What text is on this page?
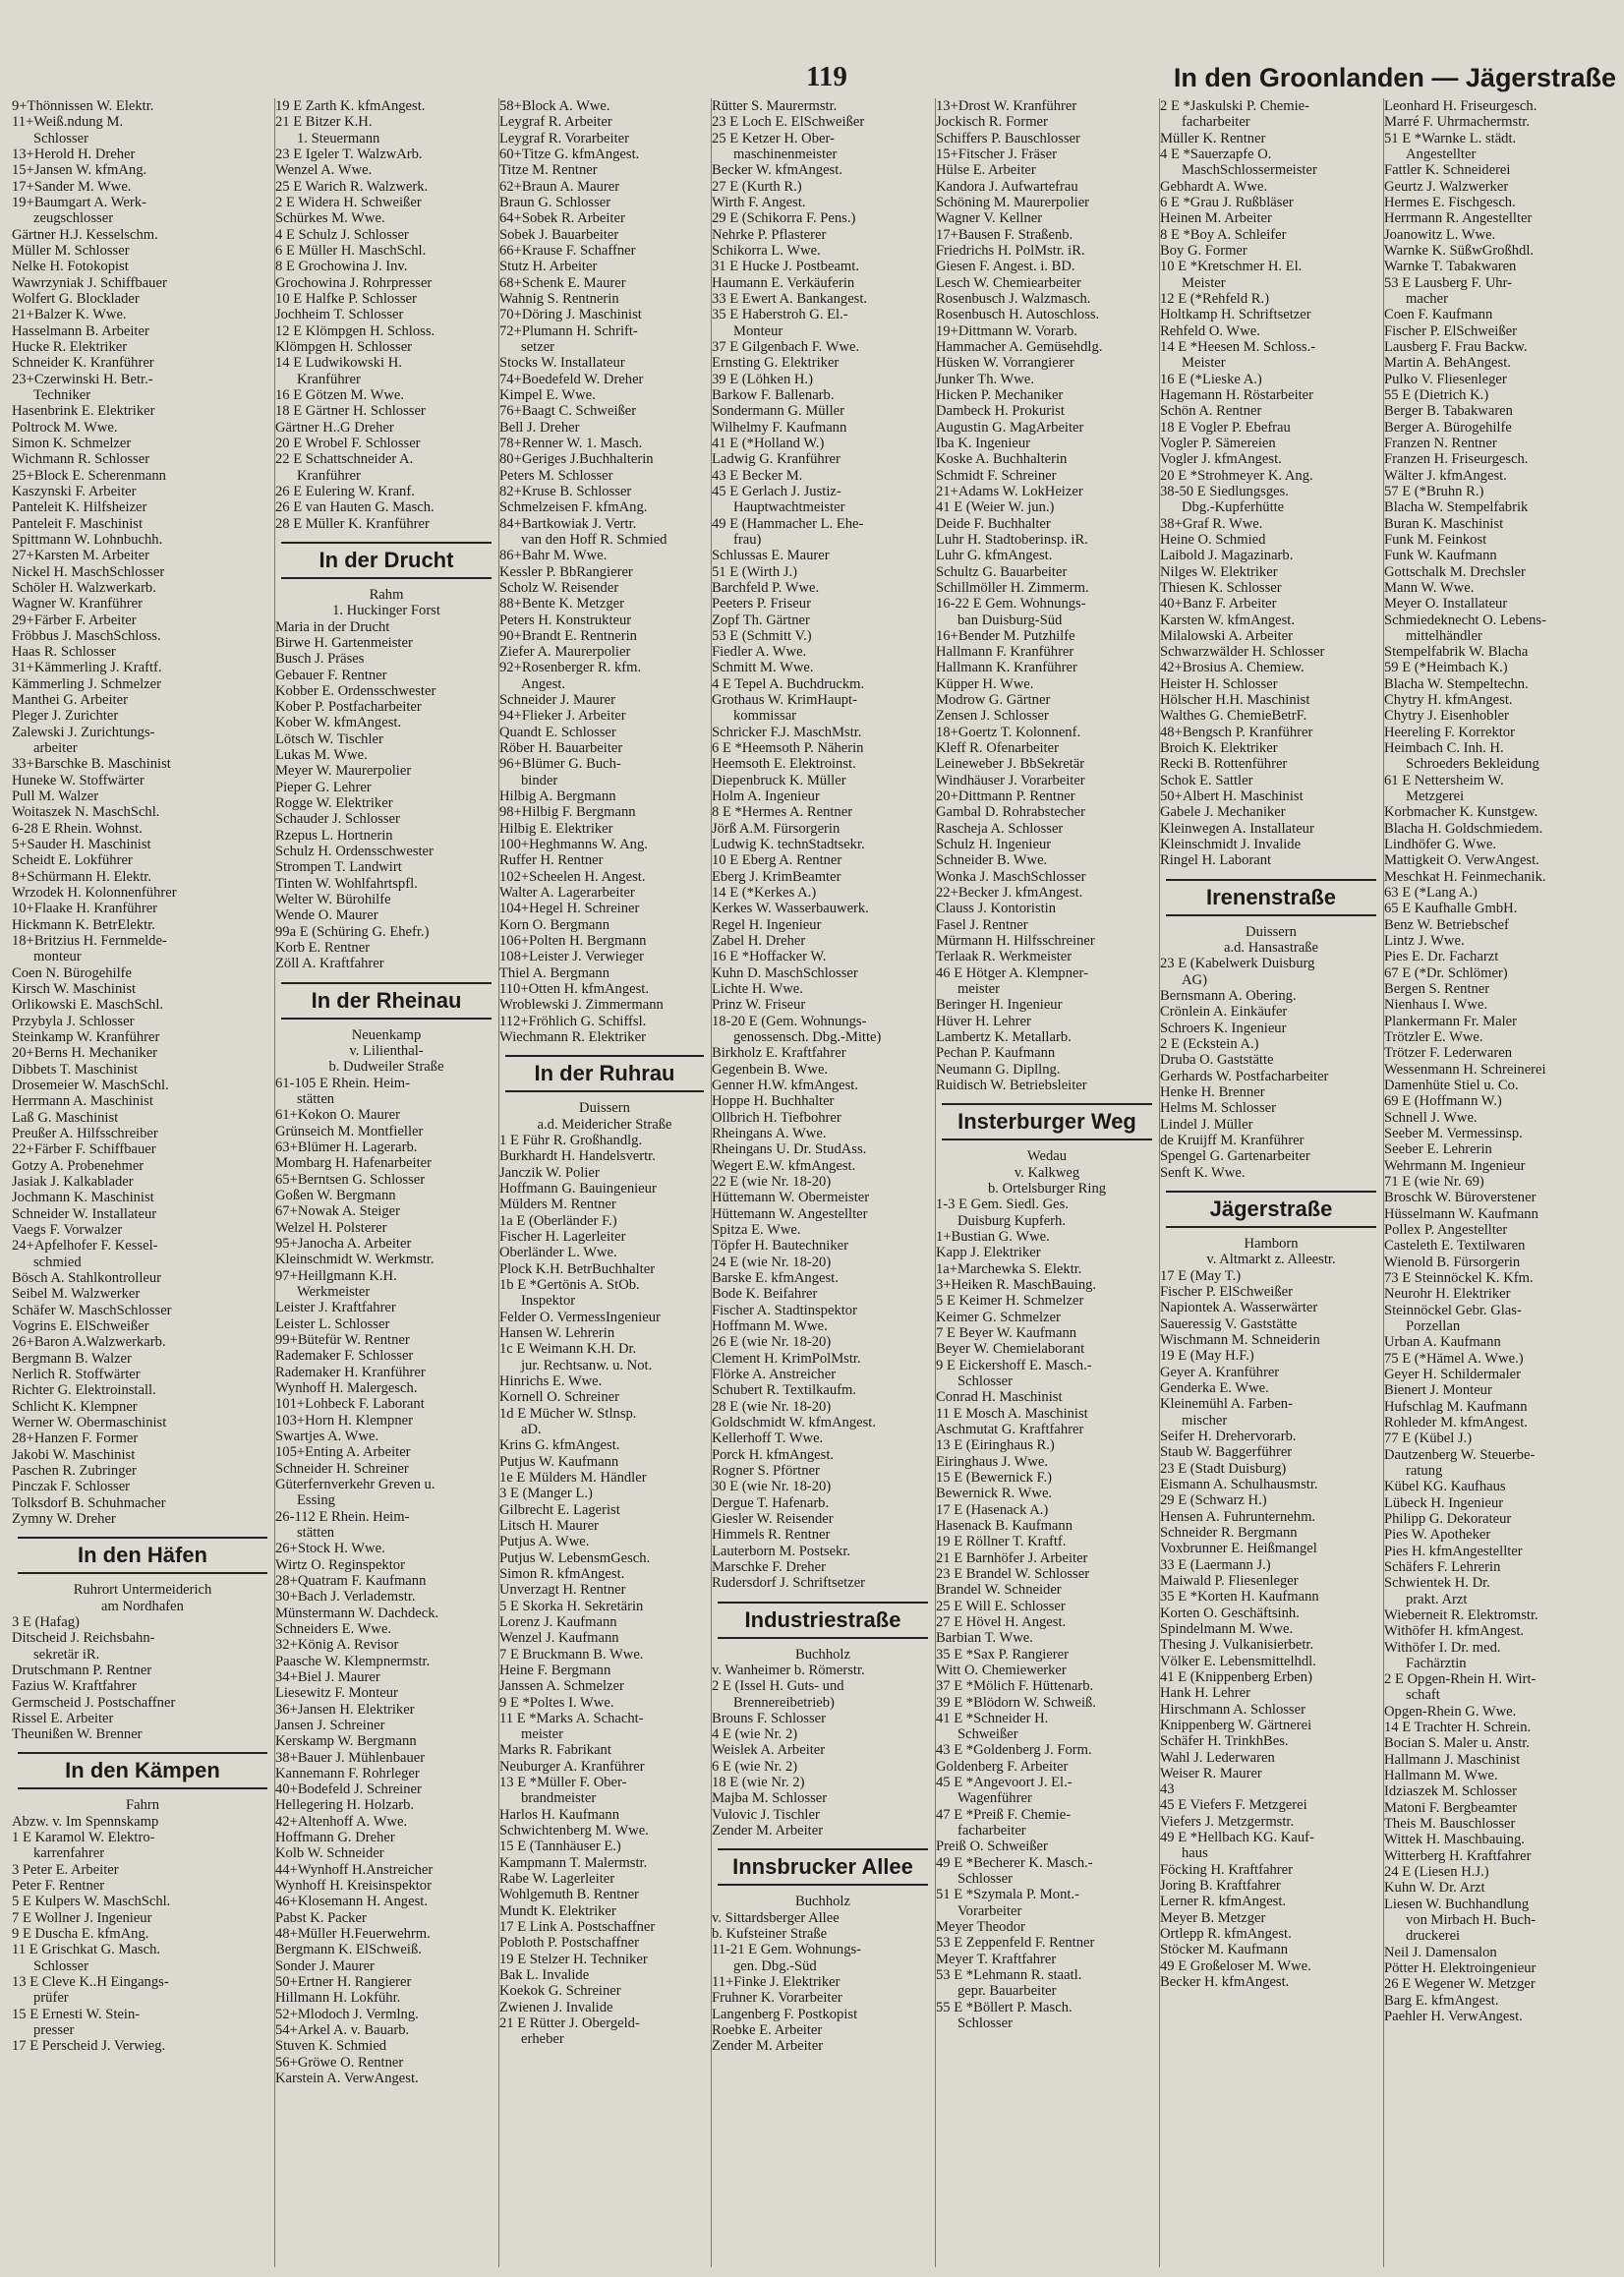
119	In den Groonlanden — Jägerstraße
9+Thönnissen W. Elektr.
11+Weiß.ndung M.
Schlosser
13+Herold H. Dreher
15+Jansen W. kfmAng.
17+Sander M. Wwe.
19+Baumgart A. Werk-
zeugschlosser
Gärtner H.J. Kesselschm.
Müller M. Schlosser
Nelke H. Fotokopist
Wawrzyniak J. Schiffbauer
Wolfert G. Blocklader
21+Balzer K. Wwe.
Hasselmann B. Arbeiter
Hucke R. Elektriker
Schneider K. Kranführer
23+Czerwinski H. Betr.-
Techniker
Hasenbrink E. Elektriker
Poltrock M. Wwe.
Simon K. Schmelzer
Wichmann R. Schlosser
25+Block E. Scherenmann
Kaszynski F. Arbeiter
Panteleit K. Hilfsheizer
Panteleit F. Maschinist
Spittmann W. Lohnbuchh.
27+Karsten M. Arbeiter
Nickel H. MaschSchlosser
Schöler H. Walzwerkarb.
Wagner W. Kranführer
29+Färber F. Arbeiter
Fröbbus J. MaschSchloss.
Haas R. Schlosser
31+Kämmerling J. Kraftf.
Kämmerling J. Schmelzer
Manthei G. Arbeiter
Pleger J. Zurichter
Zalewski J. Zurichtungs-
arbeiter
33+Barschke B. Maschinist
Huneke W. Stoffwärter
Pull M. Walzer
Woitaszek N. MaschSchl.
6-28 E Rhein. Wohnst.
5+Sauder H. Maschinist
Scheidt E. Lokführer
8+Schürmann H. Elektr.
Wrzodek H. Kolonnenführer
10+Flaake H. Kranführer
Hickmann K. BetrElektr.
18+Britzius H. Fernmelde-
monteur
Coen N. Bürogehilfe
Kirsch W. Maschinist
Orlikowski E. MaschSchl.
Przybyla J. Schlosser
Steinkamp W. Kranführer
20+Berns H. Mechaniker
Dibbets T. Maschinist
Drosemeier W. MaschSchl.
Herrmann A. Maschinist
Laß G. Maschinist
Preußer A. Hilfsschreiber
22+Färber F. Schiffbauer
Gotzy A. Probenehmer
Jasiak J. Kalkablader
Jochmann K. Maschinist
Schneider W. Installateur
Vaegs F. Vorwalzer
24+Apfelhofer F. Kessel-
schmied
Bösch A. Stahlkontrolleur
Seibel M. Walzwerker
Schäfer W. MaschSchlosser
Vogrins E. ElSchweißer
26+Baron A.Walzwerkarb.
Bergmann B. Walzer
Nerlich R. Stoffwärter
Richter G. Elektroinstall.
Schlicht K. Klempner
Werner W. Obermaschinist
28+Hanzen F. Former
Jakobi W. Maschinist
Paschen R. Zubringer
Pinczak F. Schlosser
Tolksdorf B. Schuhmacher
Zymny W. Dreher
In den Häfen
Ruhrort Untermeiderich
am Nordhafen
3 E (Hafag)
Ditscheid J. Reichsbahn-
sekretär iR.
Drutschmann P. Rentner
Fazius W. Kraftfahrer
Germscheid J. Postschaffner
Rissel E. Arbeiter
Theunißen W. Brenner
In den Kämpen
Fahrn
Abzw. v. Im Spennskamp
1 E Karamol W. Elektro-
karrenfahrer
3 Peter E. Arbeiter
Peter F. Rentner
5 E Kulpers W. MaschSchl.
7 E Wollner J. Ingenieur
9 E Duscha E. kfmAng.
11 E Grischkat G. Masch.
Schlosser
13 E Cleve K..H Eingangs-
prüfer
15 E Ernesti W. Stein-
presser
17 E Perscheid J. Verwieg.
19 E Zarth K. kfmAngest.
21 E Bitzer K.H.
1. Steuermann
23 E Igeler T. WalzwArb.
Wenzel A. Wwe.
25 E Warich R. Walzwerk.
2 E Widera H. Schweißer
Schürkes M. Wwe.
4 E Schulz J. Schlosser
6 E Müller H. MaschSchl.
8 E Grochowina J. Inv.
Grochowina J. Rohrpresser
10 E Halfke P. Schlosser
Jochheim T. Schlosser
12 E Klömpgen H. Schloss.
Klömpgen H. Schlosser
14 E Ludwikowski H.
Kranführer
16 E Götzen M. Wwe.
18 E Gärtner H. Schlosser
Gärtner H..G Dreher
20 E Wrobel F. Schlosser
22 E Schattschneider A.
Kranführer
26 E Eulering W. Kranf.
26 E van Hauten G. Masch.
28 E Müller K. Kranführer
In der Drucht
Rahm
1. Huckinger Forst
Maria in der Drucht
Birwe H. Gartenmeister
Busch J. Präses
Gebauer F. Rentner
Kobber E. Ordensschwester
Kober P. Postfacharbeiter
Kober W. kfmAngest.
Lötsch W. Tischler
Lukas M. Wwe.
Meyer W. Maurerpolier
Pieper G. Lehrer
Rogge W. Elektriker
Schauder J. Schlosser
Rzepus L. Hortnerin
Schulz H. Ordensschwester
Strompen T. Landwirt
Tinten W. Wohlfahrtspfl.
Welter W. Bürohilfe
Wende O. Maurer
99a E (Schüring G. Ehefr.)
Korb E. Rentner
Zöll A. Kraftfahrer
In der Rheinau
Neuenkamp
v. Lilienthal-
b. Dudweiler Straße
61-105 E Rhein. Heim-
stätten
61+Kokon O. Maurer
Grünseich M. Montfieller
63+Blümer H. Lagerarb.
Mombarg H. Hafenarbeiter
65+Berntsen G. Schlosser
Goßen W. Bergmann
67+Nowak A. Steiger
Welzel H. Polsterer
95+Janocha A. Arbeiter
Kleinschmidt W. Werkmstr.
97+Heillgmann K.H.
Werkmeister
Leister J. Kraftfahrer
Leister L. Schlosser
99+Bütefür W. Rentner
Rademaker F. Schlosser
Rademaker H. Kranführer
Wynhoff H. Malergesch.
101+Lohbeck F. Laborant
103+Horn H. Klempner
Swartjes A. Wwe.
105+Enting A. Arbeiter
Schneider H. Schreiner
Güterfernverkehr Greven u.
Essing
26-112 E Rhein. Heim-
stätten
26+Stock H. Wwe.
Wirtz O. Reginspektor
28+Quatram F. Kaufmann
30+Bach J. Verlademstr.
Münstermann W. Dachdeck.
Schneiders E. Wwe.
32+König A. Revisor
Paasche W. Klempnermstr.
34+Biel J. Maurer
Liesewitz F. Monteur
36+Jansen H. Elektriker
Jansen J. Schreiner
Kerskamp W. Bergmann
38+Bauer J. Mühlenbauer
Kannemann F. Rohrleger
40+Bodefeld J. Schreiner
Hellegering H. Holzarb.
42+Altenhoff A. Wwe.
Hoffmann G. Dreher
Kolb W. Schneider
44+Wynhoff H.Anstreicher
Wynhoff H. Kreisinspektor
46+Klosemann H. Angest.
Pabst K. Packer
48+Müller H.Feuerwehrm.
Bergmann K. ElSchweiß.
Sonder J. Maurer
50+Ertner H. Rangierer
Hillmann H. Lokführ.
52+Mlodoch J. Vermlng.
54+Arkel A. v. Bauarb.
Stuven K. Schmied
56+Gröwe O. Rentner
Karstein A. VerwAngest.
58+Block A. Wwe.
Leygraf R. Arbeiter
Leygraf R. Vorarbeiter
60+Titze G. kfmAngest.
Titze M. Rentner
62+Braun A. Maurer
Braun G. Schlosser
64+Sobek R. Arbeiter
Sobek J. Bauarbeiter
66+Krause F. Schaffner
Stutz H. Arbeiter
68+Schenk E. Maurer
Wahnig S. Rentnerin
70+Döring J. Maschinist
72+Plumann H. Schrift-
setzer
Stocks W. Installateur
74+Boedefeld W. Dreher
Kimpel E. Wwe.
76+Baagt C. Schweißer
Bell J. Dreher
78+Renner W. 1. Masch.
80+Geriges J.Buchhalterin
Peters M. Schlosser
82+Kruse B. Schlosser
Schmelzeisen F. kfmAng.
84+Bartkowiak J. Vertr.
van den Hoff R. Schmied
86+Bahr M. Wwe.
Kessler P. BbRangierer
Scholz W. Reisender
88+Bente K. Metzger
Peters H. Konstrukteur
90+Brandt E. Rentnerin
Ziefer A. Maurerpolier
92+Rosenberger R. kfm.
Angest.
Schneider J. Maurer
94+Flieker J. Arbeiter
Quandt E. Schlosser
Röber H. Bauarbeiter
96+Blümer G. Buch-
binder
Hilbig A. Bergmann
98+Hilbig F. Bergmann
Hilbig E. Elektriker
100+Heghmanns W. Ang.
Ruffer H. Rentner
102+Scheelen H. Angest.
Walter A. Lagerarbeiter
104+Hegel H. Schreiner
Korn O. Bergmann
106+Polten H. Bergmann
108+Leister J. Verwieger
Thiel A. Bergmann
110+Otten H. kfmAngest.
Wroblewski J. Zimmermann
112+Fröhlich G. Schiffsl.
Wiechmann R. Elektriker
In der Ruhrau
Duissern
a.d. Meidericher Straße
1 E Führ R. Großhandlg.
Burkhardt H. Handelsvertr.
Janczik W. Polier
Hoffmann G. Bauingenieur
Mülders M. Rentner
1a E (Oberländer F.)
Fischer H. Lagerleiter
Oberländer L. Wwe.
Plock K.H. BetrBuchhalter
1b E *Gertönis A. StOb.
Inspektor
Felder O. VermessIngenieur
Hansen W. Lehrerin
1c E Weimann K.H. Dr.
jur. Rechtsanw. u. Not.
Hinrichs E. Wwe.
Kornell O. Schreiner
1d E Mücher W. Stlnsp.
aD.
Krins G. kfmAngest.
Putjus W. Kaufmann
1e E Mülders M. Händler
3 E (Manger L.)
Gilbrecht E. Lagerist
Litsch H. Maurer
Putjus A. Wwe.
Putjus W. LebensmGesch.
Simon R. kfmAngest.
Unverzagt H. Rentner
5 E Skorka H. Sekretärin
Lorenz J. Kaufmann
Wenzel J. Kaufmann
7 E Bruckmann B. Wwe.
Heine F. Bergmann
Janssen A. Schmelzer
9 E *Poltes I. Wwe.
11 E *Marks A. Schacht-
meister
Marks R. Fabrikant
Neuburger A. Kranführer
13 E *Müller F. Ober-
brandmeister
Harlos H. Kaufmann
Schwichtenberg M. Wwe.
15 E (Tannhäuser E.)
Kampmann T. Malermstr.
Rabe W. Lagerleiter
Wohlgemuth B. Rentner
Mundt K. Elektriker
17 E Link A. Postschaffner
Pobloth P. Postschaffner
19 E Stelzer H. Techniker
Bak L. Invalide
Koekok G. Schreiner
Zwienen J. Invalide
21 E Rütter J. Obergeld-
erheber
Rütter S. Maurermstr.
23 E Loch E. ElSchweißer
25 E Ketzer H. Ober-
maschinenmeister
Becker W. kfmAngest.
27 E (Kurth R.)
Wirth F. Angest.
29 E (Schikorra F. Pens.)
Nehrke P. Pflasterer
Schikorra L. Wwe.
31 E Hucke J. Postbeamt.
Haumann E. Verkäuferin
33 E Ewert A. Bankangest.
35 E Haberstroh G. El.-
Monteur
37 E Gilgenbach F. Wwe.
Ernsting G. Elektriker
39 E (Löhken H.)
Barkow F. Ballenarb.
Sondermann G. Müller
Wilhelmy F. Kaufmann
41 E (*Holland W.)
Ladwig G. Kranführer
43 E Becker M.
45 E Gerlach J. Justiz-
Hauptwachtmeister
49 E (Hammacher L. Ehe-
frau)
Schlussas E. Maurer
51 E (Wirth J.)
Barchfeld P. Wwe.
Peeters P. Friseur
Zopf Th. Gärtner
53 E (Schmitt V.)
Fiedler A. Wwe.
Schmitt M. Wwe.
4 E Tepel A. Buchdruckm.
Grothaus W. KrimHaupt-
kommissar
Schricker F.J. MaschMstr.
6 E *Heemsoth P. Näherin
Heemsoth E. Elektroinst.
Diepenbruck K. Müller
Holm A. Ingenieur
8 E *Hermes A. Rentner
Jörß A.M. Fürsorgerin
Ludwig K. technStadtsekr.
10 E Eberg A. Rentner
Eberg J. KrimBeamter
14 E (*Kerkes A.)
Kerkes W. Wasserbauwerk.
Regel H. Ingenieur
Zabel H. Dreher
16 E *Hoffacker W.
Kuhn D. MaschSchlosser
Lichte H. Wwe.
Prinz W. Friseur
18-20 E (Gem. Wohnungs-
genossensch. Dbg.-Mitte)
Birkholz E. Kraftfahrer
Gegenbein B. Wwe.
Genner H.W. kfmAngest.
Hoppe H. Buchhalter
Ollbrich H. Tiefbohrer
Rheingans A. Wwe.
Rheingans U. Dr. StudAss.
Wegert E.W. kfmAngest.
22 E (wie Nr. 18-20)
Hüttemann W. Obermeister
Hüttemann W. Angestellter
Spitza E. Wwe.
Töpfer H. Bautechniker
24 E (wie Nr. 18-20)
Barske E. kfmAngest.
Bode K. Beifahrer
Fischer A. Stadtinspektor
Hoffmann M. Wwe.
26 E (wie Nr. 18-20)
Clement H. KrimPolMstr.
Flörke A. Anstreicher
Schubert R. Textilkaufm.
28 E (wie Nr. 18-20)
Goldschmidt W. kfmAngest.
Kellerhoff T. Wwe.
Porck H. kfmAngest.
Rogner S. Pförtner
30 E (wie Nr. 18-20)
Dergue T. Hafenarb.
Giesler W. Reisender
Himmels R. Rentner
Lauterborn M. Postsekr.
Marschke F. Dreher
Rudersdorf J. Schriftsetzer
Industriestraße
Buchholz
v. Wanheimer b. Römerstr.
2 E (Issel H. Guts- und
Brennereibetrieb)
Brouns F. Schlosser
4 E (wie Nr. 2)
Weislek A. Arbeiter
6 E (wie Nr. 2)
18 E (wie Nr. 2)
Majba M. Schlosser
Vulovic J. Tischler
Zender M. Arbeiter
Innsbrucker Allee
Buchholz
v. Sittardsberger Allee
b. Kufsteiner Straße
11-21 E Gem. Wohnungs-
gen. Dbg.-Süd
11+Finke J. Elektriker
Fruhner K. Vorarbeiter
Langenberg F. Postkopist
Roebke E. Arbeiter
Zender M. Arbeiter
13+Drost W. Kranführer
Jockisch R. Former
Schiffers P. Bauschlosser
15+Fitscher J. Fräser
Hülse E. Arbeiter
Kandora J. Aufwartefrau
Schöning M. Maurerpolier
Wagner V. Kellner
17+Bausen F. Straßenb.
Friedrichs H. PolMstr. iR.
Giesen F. Angest. i. BD.
Lesch W. Chemiearbeiter
Rosenbusch J. Walzmasch.
Rosenbusch H. Autoschloss.
19+Dittmann W. Vorarb.
Hammacher A. Gemüsehdlg.
Hüsken W. Vorrangierer
Junker Th. Wwe.
Hicken P. Mechaniker
Dambeck H. Prokurist
Augustin G. MagArbeiter
Iba K. Ingenieur
Koske A. Buchhalterin
Schmidt F. Schreiner
21+Adams W. LokHeizer
41 E (Weier W. jun.)
Deide F. Buchhalter
Luhr H. Stadtoberinsp. iR.
Luhr G. kfmAngest.
Schultz G. Bauarbeiter
Schillmöller H. Zimmerm.
16-22 E Gem. Wohnungs-
ban Duisburg-Süd
16+Bender M. Putzhilfe
Hallmann F. Kranführer
Hallmann K. Kranführer
Küpper H. Wwe.
Modrow G. Gärtner
Zensen J. Schlosser
18+Goertz T. Kolonnenf.
Kleff R. Ofenarbeiter
Leineweber J. BbSekretär
Windhäuser J. Vorarbeiter
20+Dittmann P. Rentner
Gambal D. Rohrabstecher
Rascheja A. Schlosser
Schulz H. Ingenieur
Schneider B. Wwe.
Wonka J. MaschSchlosser
22+Becker J. kfmAngest.
Clauss J. Kontoristin
Fasel J. Rentner
Mürmann H. Hilfsschreiner
Terlaak R. Werkmeister
46 E Hötger A. Klempner-
meister
Beringer H. Ingenieur
Hüver H. Lehrer
Lambertz K. Metallarb.
Pechan P. Kaufmann
Neumann G. Dipllng.
Ruidisch W. Betriebsleiter
Insterburger Weg
Wedau
v. Kalkweg
b. Ortelsburger Ring
1-3 E Gem. Siedl. Ges.
Duisburg Kupferh.
1+Bustian G. Wwe.
Kapp J. Elektriker
1a+Marchewka S. Elektr.
3+Heiken R. MaschBauing.
5 E Keimer H. Schmelzer
Keimer G. Schmelzer
7 E Beyer W. Kaufmann
Beyer W. Chemielaborant
9 E Eickershoff E. Masch.-
Schlosser
Conrad H. Maschinist
11 E Mosch A. Maschinist
Aschmutat G. Kraftfahrer
13 E (Eiringhaus R.)
Eiringhaus J. Wwe.
15 E (Bewernick F.)
Bewernick R. Wwe.
17 E (Hasenack A.)
Hasenack B. Kaufmann
19 E Röllner T. Kraftf.
21 E Barnhöfer J. Arbeiter
23 E Brandel W. Schlosser
Brandel W. Schneider
25 E Will E. Schlosser
27 E Hövel H. Angest.
Barbian T. Wwe.
35 E *Sax P. Rangierer
Witt O. Chemiewerker
37 E *Mölich F. Hüttenarb.
39 E *Blödorn W. Schweiß.
41 E *Schneider H.
Schweißer
43 E *Goldenberg J. Form.
Goldenberg F. Arbeiter
45 E *Angevoort J. El.-
Wagenführer
47 E *Preiß F. Chemie-
facharbeiter
Preiß O. Schweißer
49 E *Becherer K. Masch.-
Schlosser
51 E *Szymala P. Mont.-
Vorarbeiter
Meyer Theodor
53 E Zeppenfeld F. Rentner
Meyer T. Kraftfahrer
53 E *Lehmann R. staatl.
gepr. Bauarbeiter
55 E *Böllert P. Masch.
Schlosser
2 E *Jaskulski P. Chemie-
facharbeiter
Müller K. Rentner
4 E *Sauerzapfe O.
MaschSchlossermeister
Gebhardt A. Wwe.
6 E *Grau J. Rußbläser
Heinen M. Arbeiter
8 E *Boy A. Schleifer
Boy G. Former
10 E *Kretschmer H. El.
Meister
12 E (*Rehfeld R.)
Holtkamp H. Schriftsetzer
Rehfeld O. Wwe.
14 E *Heesen M. Schloss.-
Meister
16 E (*Lieske A.)
Hagemann H. Röstarbeiter
Schön A. Rentner
18 E Vogler P. Ebefrau
Vogler P. Sämereien
Vogler J. kfmAngest.
20 E *Strohmeyer K. Ang.
38-50 E Siedlungsges.
Dbg.-Kupferhütte
38+Graf R. Wwe.
Heine O. Schmied
Laibold J. Magazinarb.
Nilges W. Elektriker
Thiesen K. Schlosser
40+Banz F. Arbeiter
Karsten W. kfmAngest.
Milalowski A. Arbeiter
Schwarzwälder H. Schlosser
42+Brosius A. Chemiew.
Heister H. Schlosser
Hölscher H.H. Maschinist
Walthes G. ChemieBetrF.
48+Bengsch P. Kranführer
Broich K. Elektriker
Recki B. Rottenführer
Schok E. Sattler
50+Albert H. Maschinist
Gabele J. Mechaniker
Kleinwegen A. Installateur
Kleinschmidt J. Invalide
Ringel H. Laborant
Irenenstraße
Duissern
a.d. Hansastraße
23 E (Kabelwerk Duisburg
AG)
Bernsmann A. Obering.
Crönlein A. Einkäufer
Schroers K. Ingenieur
2 E (Eckstein A.)
Druba O. Gaststätte
Gerhards W. Postfacharbeiter
Henke H. Brenner
Helms M. Schlosser
Lindel J. Müller
de Kruijff M. Kranführer
Spengel G. Gartenarbeiter
Senft K. Wwe.
Jägerstraße
Hamborn
v. Altmarkt z. Alleestr.
17 E (May T.)
Fischer P. ElSchweißer
Napiontek A. Wasserwärter
Saueressig V. Gaststätte
Wischmann M. Schneiderin
19 E (May H.F.)
Geyer A. Kranführer
Genderka E. Wwe.
Kleinemühl A. Farben-
mischer
Seifer H. Drehervorarb.
Staub W. Baggerführer
23 E (Stadt Duisburg)
Eismann A. Schulhausmstr.
29 E (Schwarz H.)
Hensen A. Fuhrunternehm.
Schneider R. Bergmann
Voxbrunner E. Heißmangel
33 E (Laermann J.)
Maiwald P. Fliesenleger
35 E *Korten H. Kaufmann
Korten O. Geschäftsinh.
Spindelmann M. Wwe.
Thesing J. Vulkanisierbetr.
Völker E. Lebensmittelhdl.
41 E (Knippenberg Erben)
Hank H. Lehrer
Hirschmann A. Schlosser
Knippenberg W. Gärtnerei
Schäfer H. TrinkhBes.
Wahl J. Lederwaren
Weiser R. Maurer
43
45 E Viefers F. Metzgerei
Viefers J. Metzgermstr.
49 E *Hellbach KG. Kauf-
haus
Föcking H. Kraftfahrer
Joring B. Kraftfahrer
Lerner R. kfmAngest.
Meyer B. Metzger
Ortlepp R. kfmAngest.
Stöcker M. Kaufmann
49 E Großeloser M. Wwe.
Becker H. kfmAngest.
Leonhard H. Friseurgesch.
Marré F. Uhrmachermstr.
51 E *Warnke L. städt.
Angestellter
Fattler K. Schneiderei
Geurtz J. Walzwerker
Hermes E. Fischgesch.
Herrmann R. Angestellter
Joanowitz L. Wwe.
Warnke K. SüßwGroßhdl.
Warnke T. Tabakwaren
53 E Lausberg F. Uhr-
macher
Coen F. Kaufmann
Fischer P. ElSchweißer
Lausberg F. Frau Backw.
Martin A. BehAngest.
Pulko V. Fliesenleger
55 E (Dietrich K.)
Berger B. Tabakwaren
Berger A. Bürogehilfe
Franzen N. Rentner
Franzen H. Friseurgesch.
Wälter J. kfmAngest.
57 E (*Bruhn R.)
Blacha W. Stempelfabrik
Buran K. Maschinist
Funk M. Feinkost
Funk W. Kaufmann
Gottschalk M. Drechsler
Mann W. Wwe.
Meyer O. Installateur
Schmiedeknecht O. Lebens-
mittelhändler
Stempelfabrik W. Blacha
59 E (*Heimbach K.)
Blacha W. Stempeltechn.
Chytry H. kfmAngest.
Chytry J. Eisenhobler
Heereling F. Korrektor
Heimbach C. Inh. H.
Schroeders Bekleidung
61 E Nettersheim W.
Metzgerei
Korbmacher K. Kunstgew.
Blacha H. Goldschmiedem.
Lindhöfer G. Wwe.
Mattigkeit O. VerwAngest.
Meschkat H. Feinmechanik.
63 E (*Lang A.)
65 E Kaufhalle GmbH.
Benz W. Betriebschef
Lintz J. Wwe.
Pies E. Dr. Facharzt
67 E (*Dr. Schlömer)
Bergen S. Rentner
Nienhaus I. Wwe.
Plankermann Fr. Maler
Trötzler E. Wwe.
Trötzer F. Lederwaren
Wessenmann H. Schreinerei
Damenhüte Stiel u. Co.
69 E (Hoffmann W.)
Schnell J. Wwe.
Seeber M. Vermessinsp.
Seeber E. Lehrerin
Wehrmann M. Ingenieur
71 E (wie Nr. 69)
Broschk W. Büroverstener
Hüsselmann W. Kaufmann
Pollex P. Angestellter
Casteleth E. Textilwaren
Wienold B. Fürsorgerin
73 E Steinnöckel K. Kfm.
Neurohr H. Elektriker
Steinnöckel Gebr. Glas-
Porzellan
Urban A. Kaufmann
75 E (*Hämel A. Wwe.)
Geyer H. Schildermaler
Bienert J. Monteur
Hufschlag M. Kaufmann
Rohleder M. kfmAngest.
77 E (Kübel J.)
Dautzenberg W. Steuerbe-
ratung
Kübel KG. Kaufhaus
Lübeck H. Ingenieur
Philipp G. Dekorateur
Pies W. Apotheker
Pies H. kfmAngestellter
Schäfers F. Lehrerin
Schwientek H. Dr.
prakt. Arzt
Wieberneit R. Elektromstr.
Withöfer H. kfmAngest.
Withöfer I. Dr. med.
Fachärztin
2 E Opgen-Rhein H. Wirt-
schaft
Opgen-Rhein G. Wwe.
14 E Trachter H. Schrein.
Bocian S. Maler u. Anstr.
Hallmann J. Maschinist
Hallmann M. Wwe.
Idziaszek M. Schlosser
Matoni F. Bergbeamter
Theis M. Bauschlosser
Wittek H. Maschbauing.
Witterberg H. Kraftfahrer
24 E (Liesen H.J.)
Kuhn W. Dr. Arzt
Liesen W. Buchhandlung
von Mirbach H. Buch-
druckerei
Neil J. Damensalon
Pötter H. Elektroingenieur
26 E Wegener W. Metzger
Barg E. kfmAngest.
Paehler H. VerwAngest.
